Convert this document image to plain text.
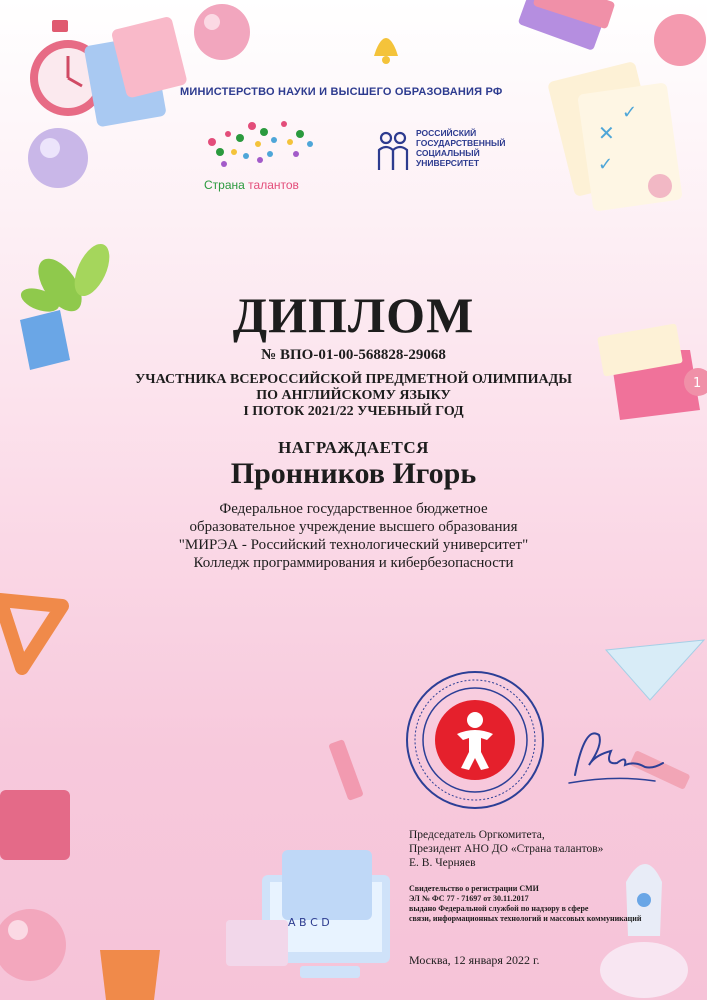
✕
✓
✓
1
A B C D
МИНИСТЕРСТВО НАУКИ И ВЫСШЕГО ОБРАЗОВАНИЯ РФ
Страна талантов
РОССИЙСКИЙ
ГОСУДАРСТВЕННЫЙ
СОЦИАЛЬНЫЙ
УНИВЕРСИТЕТ
ДИПЛОМ
№ ВПО-01-00-568828-29068
УЧАСТНИКА ВСЕРОССИЙСКОЙ ПРЕДМЕТНОЙ ОЛИМПИАДЫ
ПО АНГЛИЙСКОМУ ЯЗЫКУ
I ПОТОК 2021/22 УЧЕБНЫЙ ГОД
НАГРАЖДАЕТСЯ
Пронников Игорь
Федеральное государственное бюджетное
образовательное учреждение высшего образования
"МИРЭА - Российский технологический университет"
Колледж программирования и кибербезопасности
Председатель Оргкомитета,
Президент АНО ДО «Страна талантов»
Е. В. Черняев
Свидетельство о регистрации СМИ
ЭЛ № ФС 77 - 71697 от 30.11.2017
выдано Федеральной службой по надзору в сфере
связи, информационных технологий и массовых коммуникаций
Москва, 12 января 2022 г.
